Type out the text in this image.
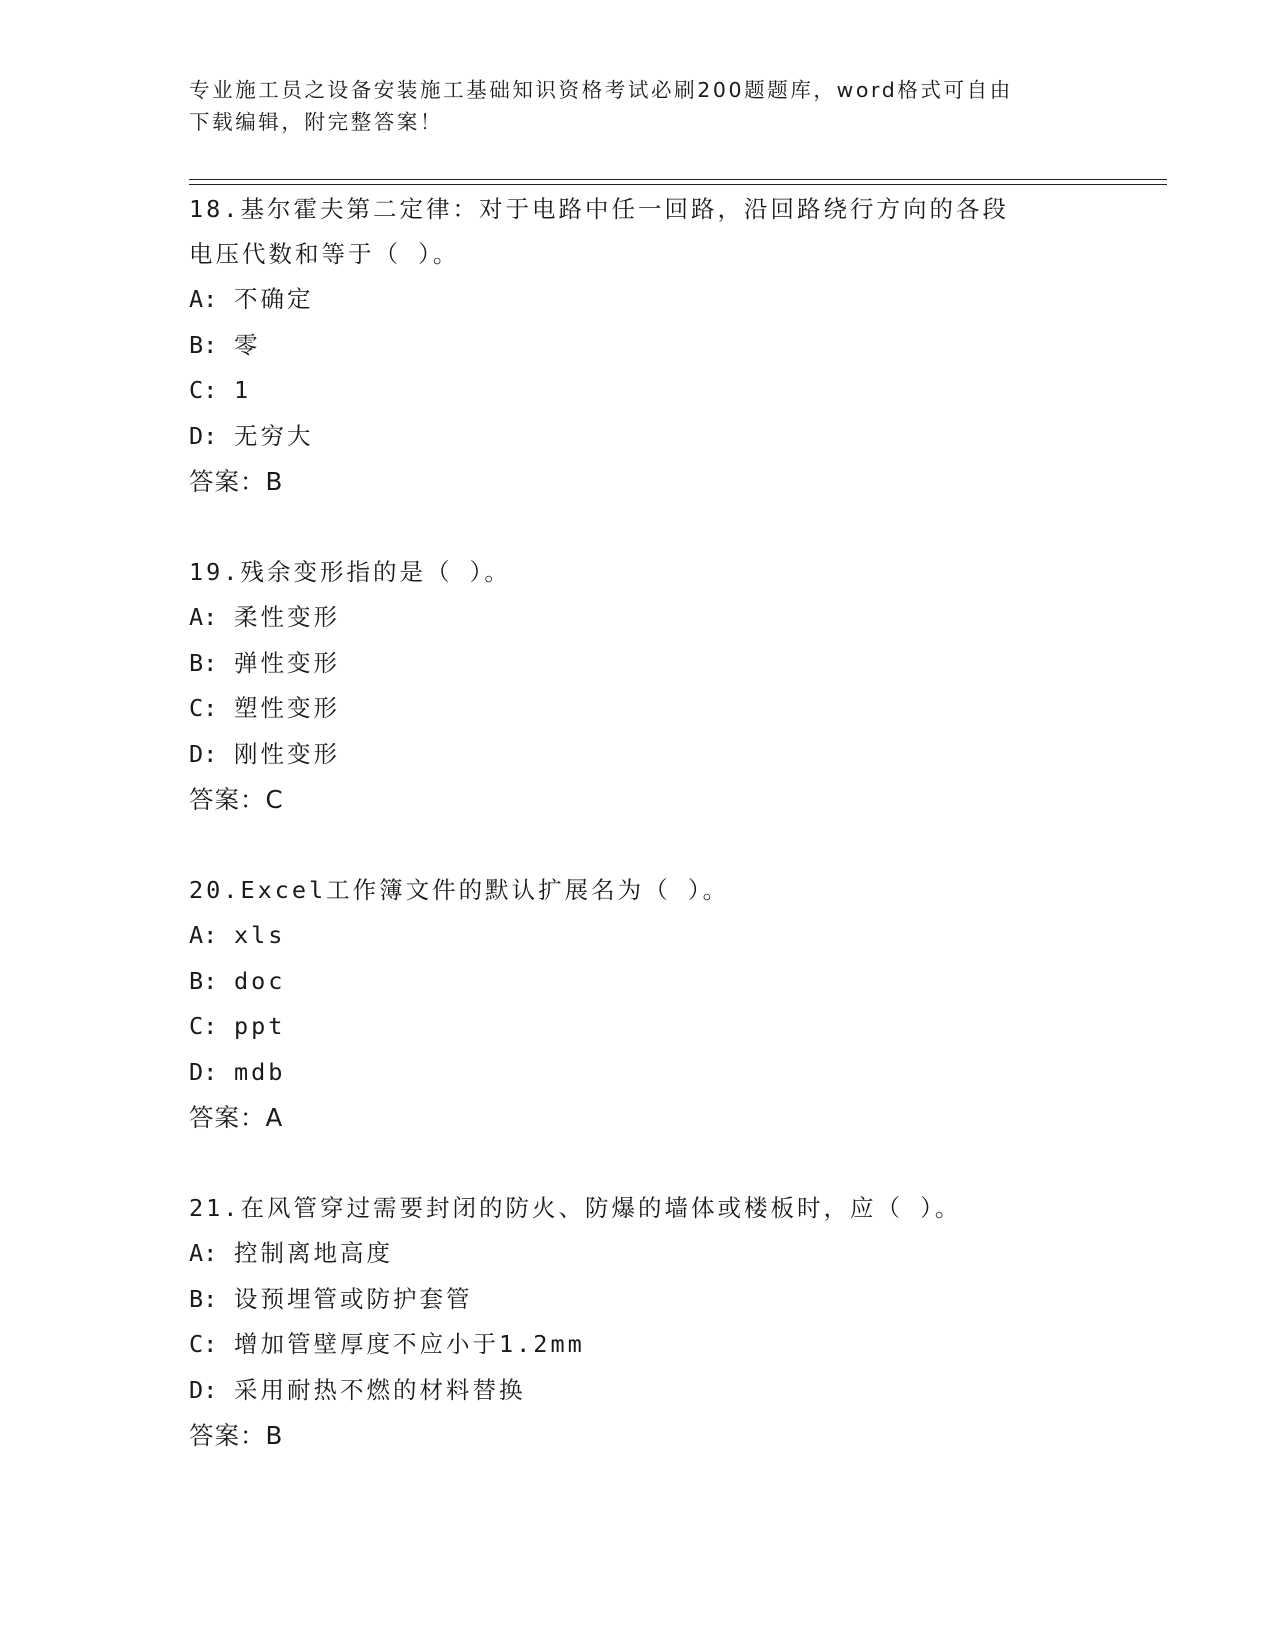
专业施工员之设备安装施工基础知识资格考试必刷200题题库，word格式可自由
下载编辑，附完整答案！
18.基尔霍夫第二定律：对于电路中任一回路，沿回路绕行方向的各段
电压代数和等于（ ）。
A: 不确定
B: 零
C: 1
D: 无穷大
答案：B
19.残余变形指的是（ ）。
A: 柔性变形
B: 弹性变形
C: 塑性变形
D: 刚性变形
答案：C
20.Excel工作簿文件的默认扩展名为（ ）。
A: xls
B: doc
C: ppt
D: mdb
答案：A
21.在风管穿过需要封闭的防火、防爆的墙体或楼板时，应（ ）。
A: 控制离地高度
B: 设预埋管或防护套管
C: 增加管壁厚度不应小于1.2mm
D: 采用耐热不燃的材料替换
答案：B
